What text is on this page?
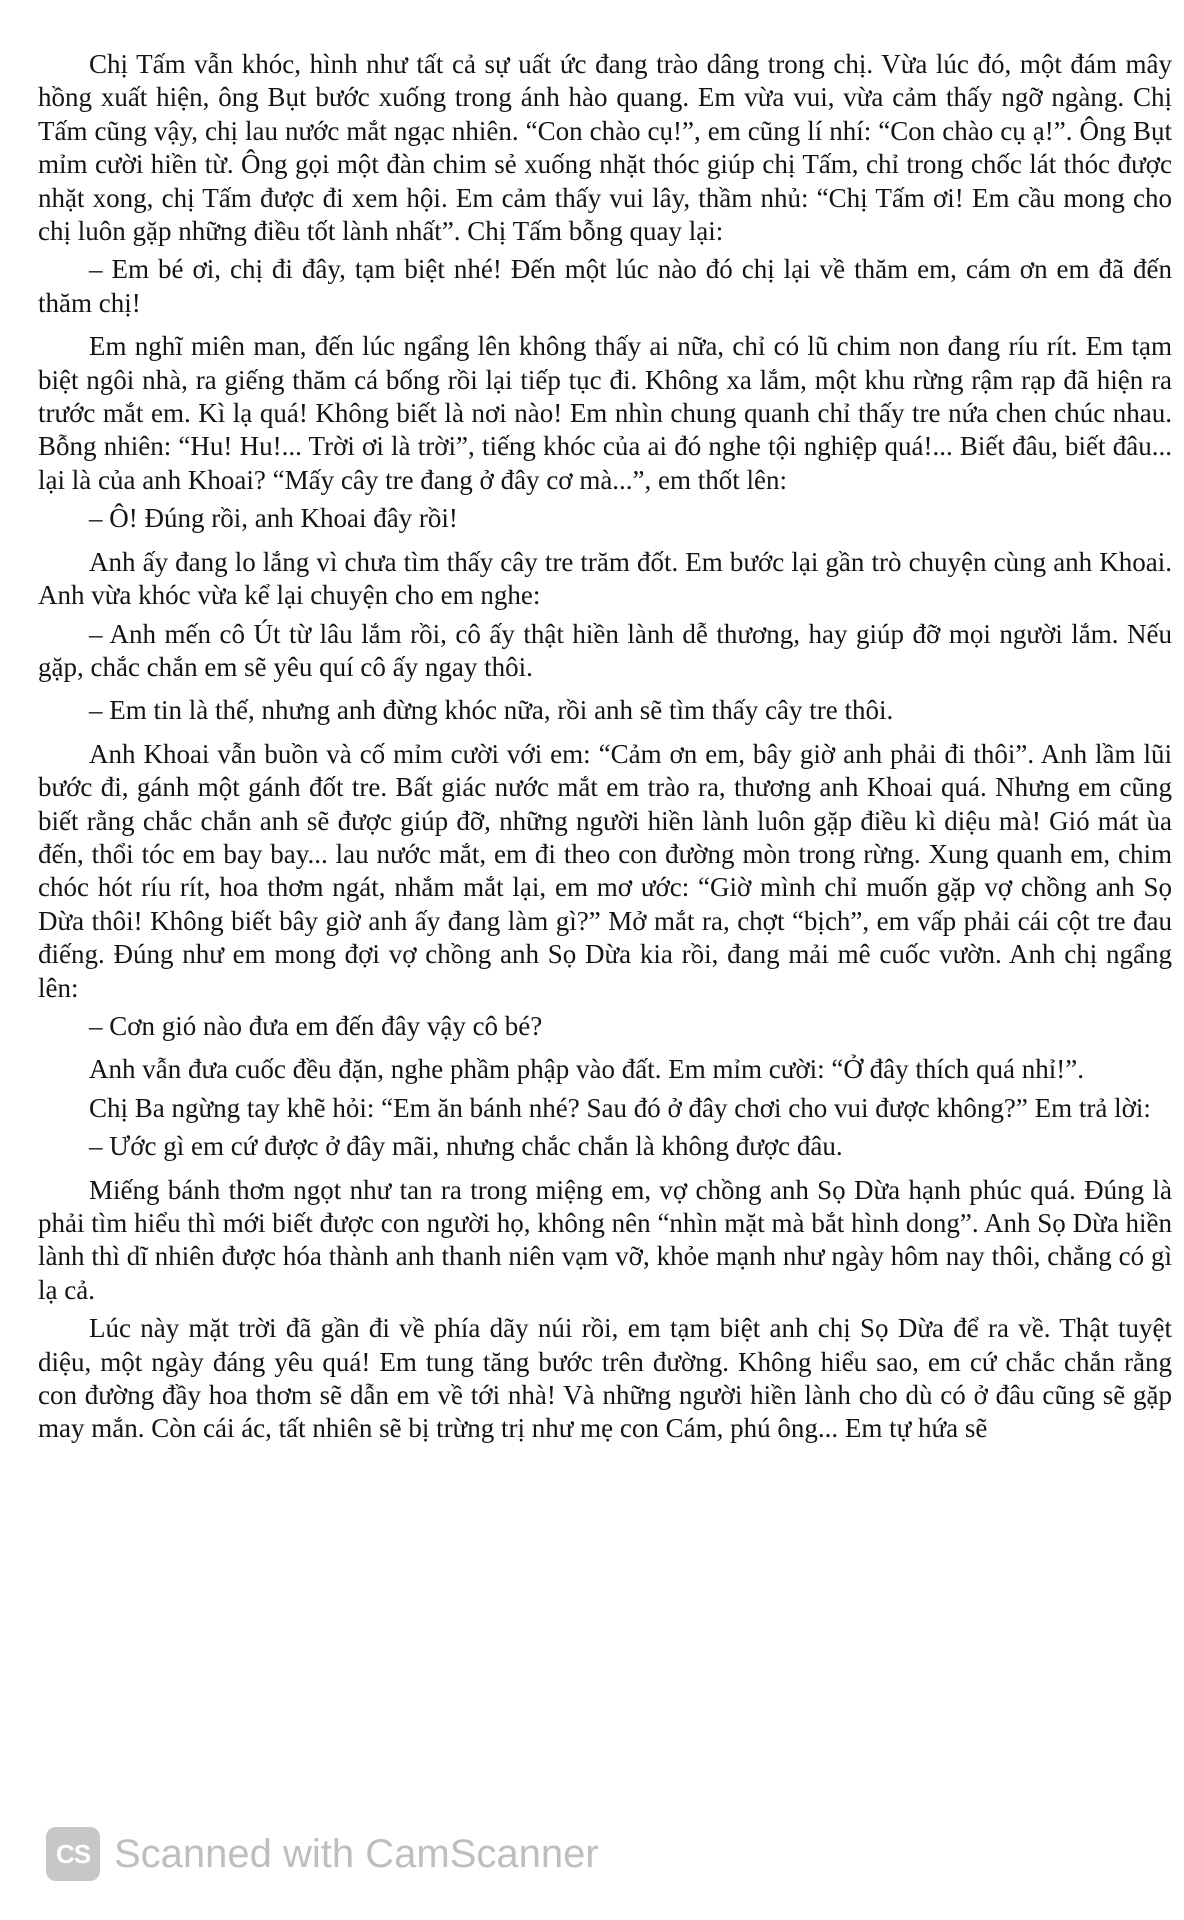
Chị Tấm vẫn khóc, hình như tất cả sự uất ức đang trào dâng trong chị. Vừa lúc đó, một đám mây hồng xuất hiện, ông Bụt bước xuống trong ánh hào quang. Em vừa vui, vừa cảm thấy ngỡ ngàng. Chị Tấm cũng vậy, chị lau nước mắt ngạc nhiên. “Con chào cụ!”, em cũng lí nhí: “Con chào cụ ạ!”. Ông Bụt mỉm cười hiền từ. Ông gọi một đàn chim sẻ xuống nhặt thóc giúp chị Tấm, chỉ trong chốc lát thóc được nhặt xong, chị Tấm được đi xem hội. Em cảm thấy vui lây, thầm nhủ: “Chị Tấm ơi! Em cầu mong cho chị luôn gặp những điều tốt lành nhất”. Chị Tấm bỗng quay lại:

– Em bé ơi, chị đi đây, tạm biệt nhé! Đến một lúc nào đó chị lại về thăm em, cám ơn em đã đến thăm chị!

Em nghĩ miên man, đến lúc ngẩng lên không thấy ai nữa, chỉ có lũ chim non đang ríu rít. Em tạm biệt ngôi nhà, ra giếng thăm cá bống rồi lại tiếp tục đi. Không xa lắm, một khu rừng rậm rạp đã hiện ra trước mắt em. Kì lạ quá! Không biết là nơi nào! Em nhìn chung quanh chỉ thấy tre nứa chen chúc nhau. Bỗng nhiên: “Hu! Hu!... Trời ơi là trời”, tiếng khóc của ai đó nghe tội nghiệp quá!... Biết đâu, biết đâu... lại là của anh Khoai? “Mấy cây tre đang ở đây cơ mà...”, em thốt lên:

– Ô! Đúng rồi, anh Khoai đây rồi!

Anh ấy đang lo lắng vì chưa tìm thấy cây tre trăm đốt. Em bước lại gần trò chuyện cùng anh Khoai. Anh vừa khóc vừa kể lại chuyện cho em nghe:

– Anh mến cô Út từ lâu lắm rồi, cô ấy thật hiền lành dễ thương, hay giúp đỡ mọi người lắm. Nếu gặp, chắc chắn em sẽ yêu quí cô ấy ngay thôi.

– Em tin là thế, nhưng anh đừng khóc nữa, rồi anh sẽ tìm thấy cây tre thôi.

Anh Khoai vẫn buồn và cố mỉm cười với em: “Cảm ơn em, bây giờ anh phải đi thôi”. Anh lầm lũi bước đi, gánh một gánh đốt tre. Bất giác nước mắt em trào ra, thương anh Khoai quá. Nhưng em cũng biết rằng chắc chắn anh sẽ được giúp đỡ, những người hiền lành luôn gặp điều kì diệu mà! Gió mát ùa đến, thổi tóc em bay bay... lau nước mắt, em đi theo con đường mòn trong rừng. Xung quanh em, chim chóc hót ríu rít, hoa thơm ngát, nhắm mắt lại, em mơ ước: “Giờ mình chỉ muốn gặp vợ chồng anh Sọ Dừa thôi! Không biết bây giờ anh ấy đang làm gì?” Mở mắt ra, chợt “bịch”, em vấp phải cái cột tre đau điếng. Đúng như em mong đợi vợ chồng anh Sọ Dừa kia rồi, đang mải mê cuốc vườn. Anh chị ngẩng lên:

– Cơn gió nào đưa em đến đây vậy cô bé?

Anh vẫn đưa cuốc đều đặn, nghe phầm phập vào đất. Em mỉm cười: “Ở đây thích quá nhỉ!”.

Chị Ba ngừng tay khẽ hỏi: “Em ăn bánh nhé? Sau đó ở đây chơi cho vui được không?” Em trả lời:

– Ước gì em cứ được ở đây mãi, nhưng chắc chắn là không được đâu.

Miếng bánh thơm ngọt như tan ra trong miệng em, vợ chồng anh Sọ Dừa hạnh phúc quá. Đúng là phải tìm hiểu thì mới biết được con người họ, không nên “nhìn mặt mà bắt hình dong”. Anh Sọ Dừa hiền lành thì dĩ nhiên được hóa thành anh thanh niên vạm vỡ, khỏe mạnh như ngày hôm nay thôi, chẳng có gì lạ cả.

Lúc này mặt trời đã gần đi về phía dãy núi rồi, em tạm biệt anh chị Sọ Dừa để ra về. Thật tuyệt diệu, một ngày đáng yêu quá! Em tung tăng bước trên đường. Không hiểu sao, em cứ chắc chắn rằng con đường đầy hoa thơm sẽ dẫn em về tới nhà! Và những người hiền lành cho dù có ở đâu cũng sẽ gặp may mắn. Còn cái ác, tất nhiên sẽ bị trừng trị như mẹ con Cám, phú ông... Em tự hứa sẽ

CS Scanned with CamScanner
